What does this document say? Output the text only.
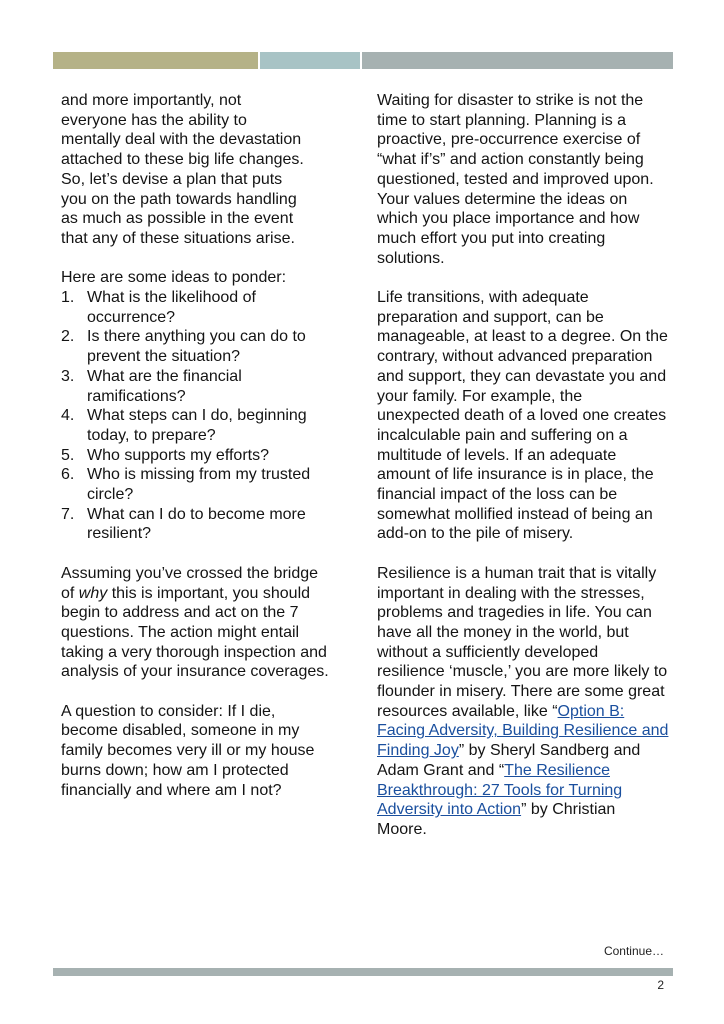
and more importantly, not
everyone has the ability to
mentally deal with the devastation
attached to these big life changes.
So, let’s devise a plan that puts
you on the path towards handling
as much as possible in the event
that any of these situations arise.

Here are some ideas to ponder:
1. What is the likelihood of occurrence?
2. Is there anything you can do to prevent the situation?
3. What are the financial ramifications?
4. What steps can I do, beginning today, to prepare?
5. Who supports my efforts?
6. Who is missing from my trusted circle?
7. What can I do to become more resilient?

Assuming you’ve crossed the bridge of why this is important, you should begin to address and act on the 7 questions. The action might entail taking a very thorough inspection and analysis of your insurance coverages.

A question to consider: If I die, become disabled, someone in my family becomes very ill or my house burns down; how am I protected financially and where am I not?

Waiting for disaster to strike is not the time to start planning. Planning is a proactive, pre-occurrence exercise of “what if’s” and action constantly being questioned, tested and improved upon. Your values determine the ideas on which you place importance and how much effort you put into creating solutions.

Life transitions, with adequate preparation and support, can be manageable, at least to a degree. On the contrary, without advanced preparation and support, they can devastate you and your family. For example, the unexpected death of a loved one creates incalculable pain and suffering on a multitude of levels. If an adequate amount of life insurance is in place, the financial impact of the loss can be somewhat mollified instead of being an add-on to the pile of misery.

Resilience is a human trait that is vitally important in dealing with the stresses, problems and tragedies in life. You can have all the money in the world, but without a sufficiently developed resilience ‘muscle,’ you are more likely to flounder in misery. There are some great resources available, like “Option B: Facing Adversity, Building Resilience and Finding Joy” by Sheryl Sandberg and Adam Grant and “The Resilience Breakthrough: 27 Tools for Turning Adversity into Action” by Christian Moore.

Continue…
2
